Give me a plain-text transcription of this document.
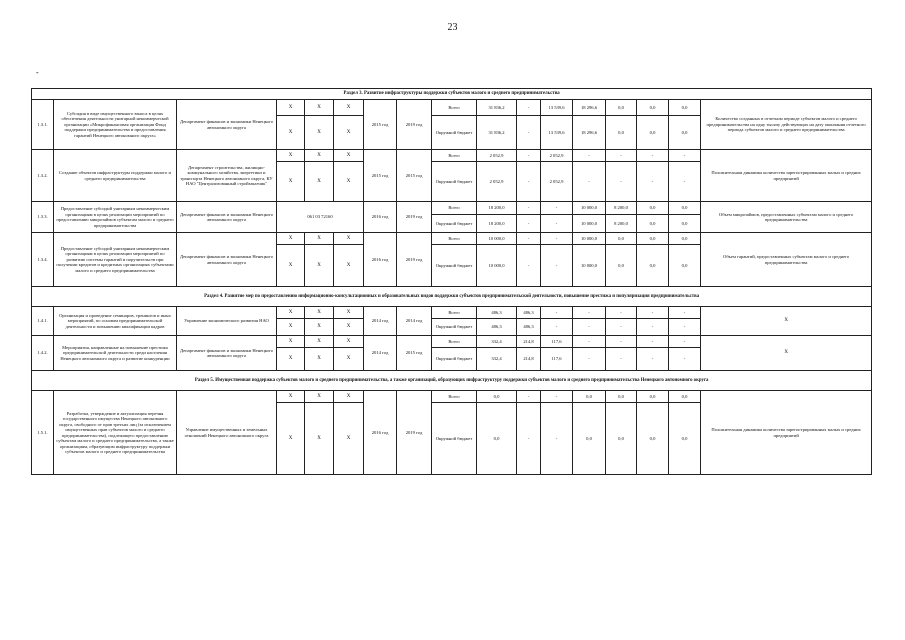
23
-
Раздел 3. Развитие инфраструктуры поддержки субъектов малого и среднего предпринимательства																
1.3.1.	Субсидия в виде имущественного взноса в целях обеспечения деятельности унитарной некоммерческой организации «Микрофинансовая организация Фонд поддержки предпринимательства и предоставления гарантий Ненецкого автономного округа»	Департамент финансов и экономики Ненецкого автономного округа	X	X	X	2015 год	2019 год	Всего	31 836,2	-	13 539,6	18 296,6	0,0	0,0	0,0	Количество созданных в отчетном периоде субъектов малого и среднего предпринимательства на одну тысячу действующих на дату окончания отчетного периода субъектов малого и среднего предпринимательства
			X	X	X			Окружной бюджет	31 836,2	-	13 539,6	18 296,6	0,0	0,0	0,0	
1.3.2.	Создание объектов инфраструктуры поддержки малого и среднего предпринимательства	Департамент строительства, жилищно-коммунального хозяйства, энергетики и транспорта Ненецкого автономного округа, КУ НАО "Централизованный стройзаказчик"	X	X	X	2015 год	2015 год	Всего	2 052,9	-	2 052,9	-	-	-	-	Положительная динамика количества зарегистрированных малых и средних предприятий
			X	X	X			Окружной бюджет	2 052,9	-	2 052,9	-	-	-	-	
1.3.3.	Предоставление субсидий унитарным некоммерческим организациям в целях реализации мероприятий по предоставлению микрозаймов субъектам малого и среднего предпринимательства	Департамент финансов и экономики Ненецкого автономного округа	061 03 72160			2016 год	2019 год	Всего	18 200,0	-	-	10 000,0	8 200,0	0,0	0,0	Объем микрозаймов, предоставленных субъектам малого и среднего предпринимательства
								Окружной бюджет	18 200,0	-	-	10 000,0	8 200,0	0,0	0,0	
1.3.4.	Предоставление субсидий унитарным некоммерческим организациям в целях реализации мероприятий по развитию системы гарантий и поручительств при получении кредитов и кредитных организациях субъектами малого и среднего предпринимательства	Департамент финансов и экономики Ненецкого автономного округа	X	X	X	2016 год	2019 год	Всего	10 000,0	-	-	10 000,0	0,0	0,0	0,0	Объем гарантий, предоставленных субъектам малого и среднего предпринимательства
			X	X	X			Окружной бюджет	10 000,0	-	-	10 000,0	0,0	0,0	0,0	
Раздел 4. Развитие мер по предоставлению информационно-консультационных и образовательных видов поддержки субъектов предпринимательской деятельности, повышение престижа и популяризация предпринимательства																
1.4.1.	Организация и проведение семинаров, тренингов и иных мероприятий, по основам предпринимательской деятельности и повышению квалификации кадров	Управление экономического развития НАО	X	X	X	2014 год	2014 год	Всего	486,3	486,3	-	-	-	-	-	X
			X	X	X			Окружной бюджет	486,3	486,3	-	-	-	-	-	
1.4.2.	Мероприятия, направленные на повышение престижа предпринимательской деятельности среди населения Ненецкого автономного округа и развитие конкуренции	Департамент финансов и экономики Ненецкого автономного округа	X	X	X	2014 год	2015 год	Всего	332,4	214,8	117,6	-	-	-	-	X
			X	X	X			Окружной бюджет	332,4	214,8	117,6	-	-	-	-	
Раздел 5. Имущественная поддержка субъектов малого и среднего предпринимательства, а также организаций, образующих инфраструктуру поддержки субъектов малого и среднего предпринимательства Ненецкого автономного округа																
1.5.1.	Разработка, утверждение и актуализация перечня государственного имущества Ненецкого автономного округа, свободного от прав третьих лиц (за исключением имущественных прав субъектов малого и среднего предпринимательства), подлежащего предоставлению субъектам малого и среднего предпринимательства, а также организациям, образующим инфраструктуру поддержки субъектов малого и среднего предпринимательства	Управление имущественных и земельных отношений Ненецкого автономного округа	X	X	X	2016 год	2019 год	Всего	0,0	-	-	0,0	0,0	0,0	0,0	Положительная динамика количества зарегистрированных малых и средних предприятий
			X	X	X			Окружной бюджет	0,0	-	-	0,0	0,0	0,0	0,0	
